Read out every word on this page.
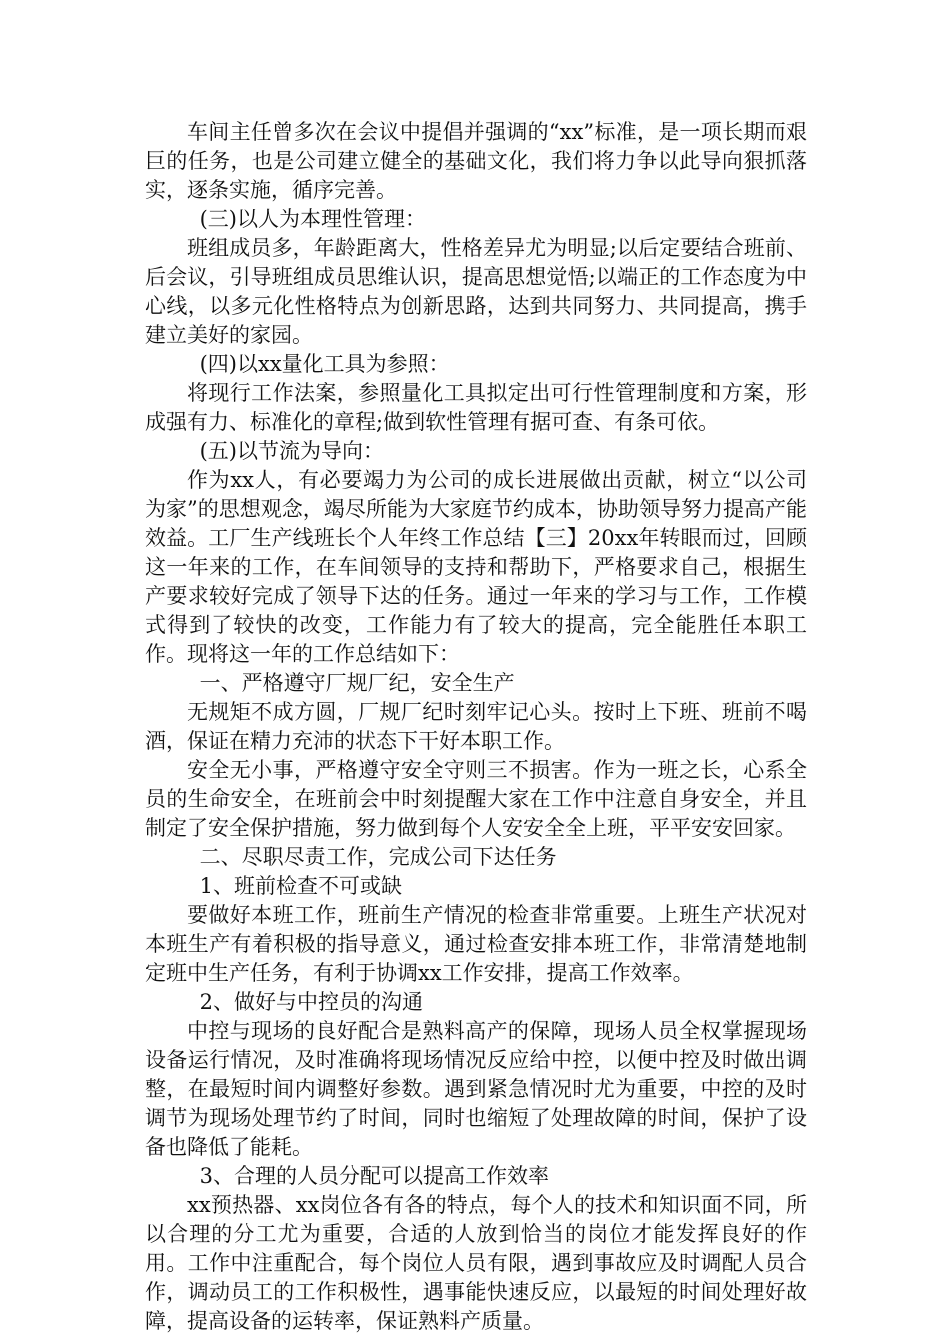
车间主任曾多次在会议中提倡并强调的“xx”标准，是一项长期而艰巨的任务，也是公司建立健全的基础文化，我们将力争以此导向狠抓落实，逐条实施，循序完善。

(三)以人为本理性管理：

班组成员多，年龄距离大，性格差异尤为明显;以后定要结合班前、后会议，引导班组成员思维认识，提高思想觉悟;以端正的工作态度为中心线，以多元化性格特点为创新思路，达到共同努力、共同提高，携手建立美好的家园。

(四)以xx量化工具为参照：

将现行工作法案，参照量化工具拟定出可行性管理制度和方案，形成强有力、标准化的章程;做到软性管理有据可查、有条可依。

(五)以节流为导向：

作为xx人，有必要竭力为公司的成长进展做出贡献，树立“以公司为家”的思想观念，竭尽所能为大家庭节约成本，协助领导努力提高产能效益。工厂生产线班长个人年终工作总结【三】20xx年转眼而过，回顾这一年来的工作，在车间领导的支持和帮助下，严格要求自己，根据生产要求较好完成了领导下达的任务。通过一年来的学习与工作，工作模式得到了较快的改变，工作能力有了较大的提高，完全能胜任本职工作。现将这一年的工作总结如下：

一、严格遵守厂规厂纪，安全生产

无规矩不成方圆，厂规厂纪时刻牢记心头。按时上下班、班前不喝酒，保证在精力充沛的状态下干好本职工作。

安全无小事，严格遵守安全守则三不损害。作为一班之长，心系全员的生命安全，在班前会中时刻提醒大家在工作中注意自身安全，并且制定了安全保护措施，努力做到每个人安安全全上班，平平安安回家。

二、尽职尽责工作，完成公司下达任务

1、班前检查不可或缺

要做好本班工作，班前生产情况的检查非常重要。上班生产状况对本班生产有着积极的指导意义，通过检查安排本班工作，非常清楚地制定班中生产任务，有利于协调xx工作安排，提高工作效率。

2、做好与中控员的沟通

中控与现场的良好配合是熟料高产的保障，现场人员全权掌握现场设备运行情况，及时准确将现场情况反应给中控，以便中控及时做出调整，在最短时间内调整好参数。遇到紧急情况时尤为重要，中控的及时调节为现场处理节约了时间，同时也缩短了处理故障的时间，保护了设备也降低了能耗。

3、合理的人员分配可以提高工作效率

xx预热器、xx岗位各有各的特点，每个人的技术和知识面不同，所以合理的分工尤为重要，合适的人放到恰当的岗位才能发挥良好的作用。工作中注重配合，每个岗位人员有限，遇到事故应及时调配人员合作，调动员工的工作积极性，遇事能快速反应，以最短的时间处理好故障，提高设备的运转率，保证熟料产质量。
